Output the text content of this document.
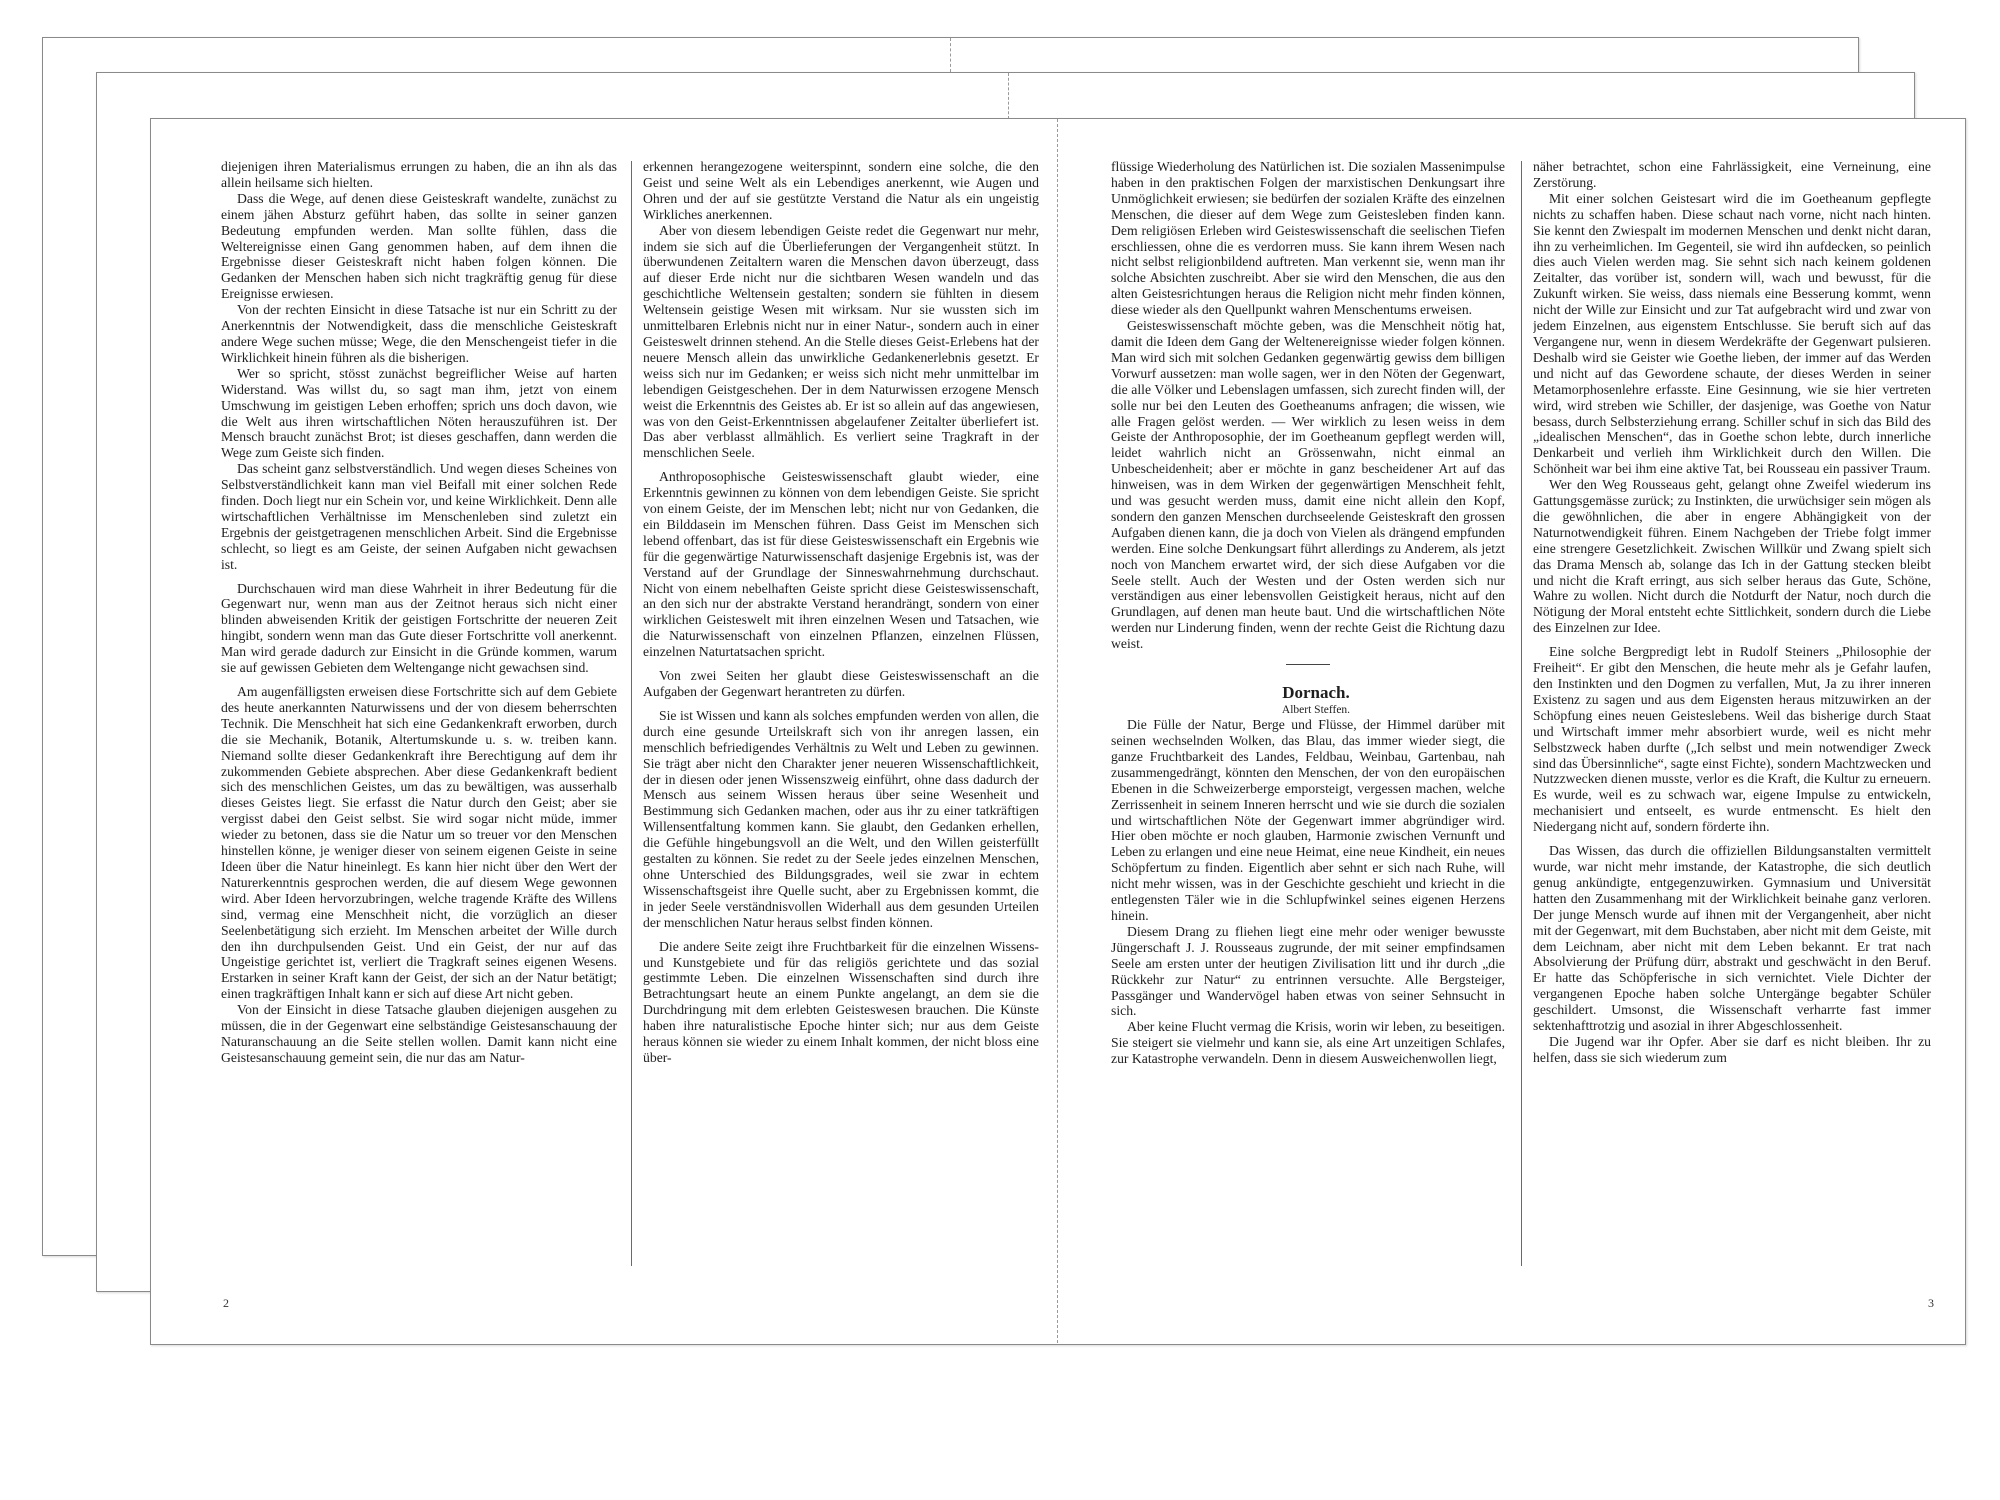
diejenigen ihren Materialismus errungen zu haben, die an ihn als das allein heilsame sich hielten.

Dass die Wege, auf denen diese Geisteskraft wandelte, zunächst zu einem jähen Absturz geführt haben, das sollte in seiner ganzen Bedeutung empfunden werden. Man sollte fühlen, dass die Weltereignisse einen Gang genommen haben, auf dem ihnen die Ergebnisse dieser Geisteskraft nicht haben folgen können. Die Gedanken der Menschen haben sich nicht tragkräftig genug für diese Ereignisse erwiesen.

Von der rechten Einsicht in diese Tatsache ist nur ein Schritt zu der Anerkenntnis der Notwendigkeit, dass die menschliche Geisteskraft andere Wege suchen müsse; Wege, die den Menschengeist tiefer in die Wirklichkeit hinein führen als die bisherigen.

Wer so spricht, stösst zunächst begreiflicher Weise auf harten Widerstand. Was willst du, so sagt man ihm, jetzt von einem Umschwung im geistigen Leben erhoffen; sprich uns doch davon, wie die Welt aus ihren wirtschaftlichen Nöten herauszuführen ist. Der Mensch braucht zunächst Brot; ist dieses geschaffen, dann werden die Wege zum Geiste sich finden.

Das scheint ganz selbstverständlich. Und wegen dieses Scheines von Selbstverständlichkeit kann man viel Beifall mit einer solchen Rede finden. Doch liegt nur ein Schein vor, und keine Wirklichkeit. Denn alle wirtschaftlichen Verhältnisse im Menschenleben sind zuletzt ein Ergebnis der geistgetragenen menschlichen Arbeit. Sind die Ergebnisse schlecht, so liegt es am Geiste, der seinen Aufgaben nicht gewachsen ist.

Durchschauen wird man diese Wahrheit in ihrer Bedeutung für die Gegenwart nur, wenn man aus der Zeitnot heraus sich nicht einer blinden abweisenden Kritik der geistigen Fortschritte der neueren Zeit hingibt, sondern wenn man das Gute dieser Fortschritte voll anerkennt. Man wird gerade dadurch zur Einsicht in die Gründe kommen, warum sie auf gewissen Gebieten dem Weltengange nicht gewachsen sind.

Am augenfälligsten erweisen diese Fortschritte sich auf dem Gebiete des heute anerkannten Naturwissens und der von diesem beherrschten Technik. Die Menschheit hat sich eine Gedankenkraft erworben, durch die sie Mechanik, Botanik, Altertumskunde u. s. w. treiben kann. Niemand sollte dieser Gedankenkraft ihre Berechtigung auf dem ihr zukommenden Gebiete absprechen. Aber diese Gedankenkraft bedient sich des menschlichen Geistes, um das zu bewältigen, was ausserhalb dieses Geistes liegt. Sie erfasst die Natur durch den Geist; aber sie vergisst dabei den Geist selbst. Sie wird sogar nicht müde, immer wieder zu betonen, dass sie die Natur um so treuer vor den Menschen hinstellen könne, je weniger dieser von seinem eigenen Geiste in seine Ideen über die Natur hineinlegt. Es kann hier nicht über den Wert der Naturerkenntnis gesprochen werden, die auf diesem Wege gewonnen wird. Aber Ideen hervorzubringen, welche tragende Kräfte des Willens sind, vermag eine Menschheit nicht, die vorzüglich an dieser Seelenbetätigung sich erzieht. Im Menschen arbeitet der Wille durch den ihn durchpulsenden Geist. Und ein Geist, der nur auf das Ungeistige gerichtet ist, verliert die Tragkraft seines eigenen Wesens. Erstarken in seiner Kraft kann der Geist, der sich an der Natur betätigt; einen tragkräftigen Inhalt kann er sich auf diese Art nicht geben.

Von der Einsicht in diese Tatsache glauben diejenigen ausgehen zu müssen, die in der Gegenwart eine selbständige Geistesanschauung der Naturanschauung an die Seite stellen wollen. Damit kann nicht eine Geistesanschauung gemeint sein, die nur das am Natur-

erkennen herangezogene weiterspinnt, sondern eine solche, die den Geist und seine Welt als ein Lebendiges anerkennt, wie Augen und Ohren und der auf sie gestützte Verstand die Natur als ein ungeistig Wirkliches anerkennen.

Aber von diesem lebendigen Geiste redet die Gegenwart nur mehr, indem sie sich auf die Überlieferungen der Vergangenheit stützt. In überwundenen Zeitaltern waren die Menschen davon überzeugt, dass auf dieser Erde nicht nur die sichtbaren Wesen wandeln und das geschichtliche Weltensein gestalten; sondern sie fühlten in diesem Weltensein geistige Wesen mit wirksam. Nur sie wussten sich im unmittelbaren Erlebnis nicht nur in einer Natur-, sondern auch in einer Geisteswelt drinnen stehend. An die Stelle dieses Geist-Erlebens hat der neuere Mensch allein das unwirkliche Gedankenerlebnis gesetzt. Er weiss sich nur im Gedanken; er weiss sich nicht mehr unmittelbar im lebendigen Geistgeschehen. Der in dem Naturwissen erzogene Mensch weist die Erkenntnis des Geistes ab. Er ist so allein auf das angewiesen, was von den Geist-Erkenntnissen abgelaufener Zeitalter überliefert ist. Das aber verblasst allmählich. Es verliert seine Tragkraft in der menschlichen Seele.

Anthroposophische Geisteswissenschaft glaubt wieder, eine Erkenntnis gewinnen zu können von dem lebendigen Geiste. Sie spricht von einem Geiste, der im Menschen lebt; nicht nur von Gedanken, die ein Bilddasein im Menschen führen. Dass Geist im Menschen sich lebend offenbart, das ist für diese Geisteswissenschaft ein Ergebnis wie für die gegenwärtige Naturwissenschaft dasjenige Ergebnis ist, was der Verstand auf der Grundlage der Sinneswahrnehmung durchschaut. Nicht von einem nebelhaften Geiste spricht diese Geisteswissenschaft, an den sich nur der abstrakte Verstand herandrängt, sondern von einer wirklichen Geisteswelt mit ihren einzelnen Wesen und Tatsachen, wie die Naturwissenschaft von einzelnen Pflanzen, einzelnen Flüssen, einzelnen Naturtatsachen spricht.

Von zwei Seiten her glaubt diese Geisteswissenschaft an die Aufgaben der Gegenwart herantreten zu dürfen.

Sie ist Wissen und kann als solches empfunden werden von allen, die durch eine gesunde Urteilskraft sich von ihr anregen lassen, ein menschlich befriedigendes Verhältnis zu Welt und Leben zu gewinnen. Sie trägt aber nicht den Charakter jener neueren Wissenschaftlichkeit, der in diesen oder jenen Wissenszweig einführt, ohne dass dadurch der Mensch aus seinem Wissen heraus über seine Wesenheit und Bestimmung sich Gedanken machen, oder aus ihr zu einer tatkräftigen Willensentfaltung kommen kann. Sie glaubt, den Gedanken erhellen, die Gefühle hingebungsvoll an die Welt, und den Willen geisterfüllt gestalten zu können. Sie redet zu der Seele jedes einzelnen Menschen, ohne Unterschied des Bildungsgrades, weil sie zwar in echtem Wissenschaftsgeist ihre Quelle sucht, aber zu Ergebnissen kommt, die in jeder Seele verständnisvollen Widerhall aus dem gesunden Urteilen der menschlichen Natur heraus selbst finden können.

Die andere Seite zeigt ihre Fruchtbarkeit für die einzelnen Wissens- und Kunstgebiete und für das religiös gerichtete und das sozial gestimmte Leben. Die einzelnen Wissenschaften sind durch ihre Betrachtungsart heute an einem Punkte angelangt, an dem sie die Durchdringung mit dem erlebten Geisteswesen brauchen. Die Künste haben ihre naturalistische Epoche hinter sich; nur aus dem Geiste heraus können sie wieder zu einem Inhalt kommen, der nicht bloss eine über-

2

flüssige Wiederholung des Natürlichen ist. Die sozialen Massenimpulse haben in den praktischen Folgen der marxistischen Denkungsart ihre Unmöglichkeit erwiesen; sie bedürfen der sozialen Kräfte des einzelnen Menschen, die dieser auf dem Wege zum Geistesleben finden kann. Dem religiösen Erleben wird Geisteswissenschaft die seelischen Tiefen erschliessen, ohne die es verdorren muss. Sie kann ihrem Wesen nach nicht selbst religionbildend auftreten. Man verkennt sie, wenn man ihr solche Absichten zuschreibt. Aber sie wird den Menschen, die aus den alten Geistesrichtungen heraus die Religion nicht mehr finden können, diese wieder als den Quellpunkt wahren Menschentums erweisen.

Geisteswissenschaft möchte geben, was die Menschheit nötig hat, damit die Ideen dem Gang der Weltenereignisse wieder folgen können. Man wird sich mit solchen Gedanken gegenwärtig gewiss dem billigen Vorwurf aussetzen: man wolle sagen, wer in den Nöten der Gegenwart, die alle Völker und Lebenslagen umfassen, sich zurecht finden will, der solle nur bei den Leuten des Goetheanums anfragen; die wissen, wie alle Fragen gelöst werden. — Wer wirklich zu lesen weiss in dem Geiste der Anthroposophie, der im Goetheanum gepflegt werden will, leidet wahrlich nicht an Grössenwahn, nicht einmal an Unbescheidenheit; aber er möchte in ganz bescheidener Art auf das hinweisen, was in dem Wirken der gegenwärtigen Menschheit fehlt, und was gesucht werden muss, damit eine nicht allein den Kopf, sondern den ganzen Menschen durchseelende Geisteskraft den grossen Aufgaben dienen kann, die ja doch von Vielen als drängend empfunden werden. Eine solche Denkungsart führt allerdings zu Anderem, als jetzt noch von Manchem erwartet wird, der sich diese Aufgaben vor die Seele stellt. Auch der Westen und der Osten werden sich nur verständigen aus einer lebensvollen Geistigkeit heraus, nicht auf den Grundlagen, auf denen man heute baut. Und die wirtschaftlichen Nöte werden nur Linderung finden, wenn der rechte Geist die Richtung dazu weist.

Dornach.

Albert Steffen.

Die Fülle der Natur, Berge und Flüsse, der Himmel darüber mit seinen wechselnden Wolken, das Blau, das immer wieder siegt, die ganze Fruchtbarkeit des Landes, Feldbau, Weinbau, Gartenbau, nah zusammengedrängt, könnten den Menschen, der von den europäischen Ebenen in die Schweizerberge emporsteigt, vergessen machen, welche Zerrissenheit in seinem Inneren herrscht und wie sie durch die sozialen und wirtschaftlichen Nöte der Gegenwart immer abgründiger wird. Hier oben möchte er noch glauben, Harmonie zwischen Vernunft und Leben zu erlangen und eine neue Heimat, eine neue Kindheit, ein neues Schöpfertum zu finden. Eigentlich aber sehnt er sich nach Ruhe, will nicht mehr wissen, was in der Geschichte geschieht und kriecht in die entlegensten Täler wie in die Schlupfwinkel seines eigenen Herzens hinein.

Diesem Drang zu fliehen liegt eine mehr oder weniger bewusste Jüngerschaft J. J. Rousseaus zugrunde, der mit seiner empfindsamen Seele am ersten unter der heutigen Zivilisation litt und ihr durch „die Rückkehr zur Natur“ zu entrinnen versuchte. Alle Bergsteiger, Passgänger und Wandervögel haben etwas von seiner Sehnsucht in sich.

Aber keine Flucht vermag die Krisis, worin wir leben, zu beseitigen. Sie steigert sie vielmehr und kann sie, als eine Art unzeitigen Schlafes, zur Katastrophe verwandeln. Denn in diesem Ausweichenwollen liegt,

näher betrachtet, schon eine Fahrlässigkeit, eine Verneinung, eine Zerstörung.

Mit einer solchen Geistesart wird die im Goetheanum gepflegte nichts zu schaffen haben. Diese schaut nach vorne, nicht nach hinten. Sie kennt den Zwiespalt im modernen Menschen und denkt nicht daran, ihn zu verheimlichen. Im Gegenteil, sie wird ihn aufdecken, so peinlich dies auch Vielen werden mag. Sie sehnt sich nach keinem goldenen Zeitalter, das vorüber ist, sondern will, wach und bewusst, für die Zukunft wirken. Sie weiss, dass niemals eine Besserung kommt, wenn nicht der Wille zur Einsicht und zur Tat aufgebracht wird und zwar von jedem Einzelnen, aus eigenstem Entschlusse. Sie beruft sich auf das Vergangene nur, wenn in diesem Werdekräfte der Gegenwart pulsieren. Deshalb wird sie Geister wie Goethe lieben, der immer auf das Werden und nicht auf das Gewordene schaute, der dieses Werden in seiner Metamorphosenlehre erfasste. Eine Gesinnung, wie sie hier vertreten wird, wird streben wie Schiller, der dasjenige, was Goethe von Natur besass, durch Selbsterziehung errang. Schiller schuf in sich das Bild des „idealischen Menschen“, das in Goethe schon lebte, durch innerliche Denkarbeit und verlieh ihm Wirklichkeit durch den Willen. Die Schönheit war bei ihm eine aktive Tat, bei Rousseau ein passiver Traum.

Wer den Weg Rousseaus geht, gelangt ohne Zweifel wiederum ins Gattungsgemässe zurück; zu Instinkten, die urwüchsiger sein mögen als die gewöhnlichen, die aber in engere Abhängigkeit von der Naturnotwendigkeit führen. Einem Nachgeben der Triebe folgt immer eine strengere Gesetzlichkeit. Zwischen Willkür und Zwang spielt sich das Drama Mensch ab, solange das Ich in der Gattung stecken bleibt und nicht die Kraft erringt, aus sich selber heraus das Gute, Schöne, Wahre zu wollen. Nicht durch die Notdurft der Natur, noch durch die Nötigung der Moral entsteht echte Sittlichkeit, sondern durch die Liebe des Einzelnen zur Idee.

Eine solche Bergpredigt lebt in Rudolf Steiners „Philosophie der Freiheit“. Er gibt den Menschen, die heute mehr als je Gefahr laufen, den Instinkten und den Dogmen zu verfallen, Mut, Ja zu ihrer inneren Existenz zu sagen und aus dem Eigensten heraus mitzuwirken an der Schöpfung eines neuen Geisteslebens. Weil das bisherige durch Staat und Wirtschaft immer mehr absorbiert wurde, weil es nicht mehr Selbstzweck haben durfte („Ich selbst und mein notwendiger Zweck sind das Übersinnliche“, sagte einst Fichte), sondern Machtzwecken und Nutzzwecken dienen musste, verlor es die Kraft, die Kultur zu erneuern. Es wurde, weil es zu schwach war, eigene Impulse zu entwickeln, mechanisiert und entseelt, es wurde entmenscht. Es hielt den Niedergang nicht auf, sondern förderte ihn.

Das Wissen, das durch die offiziellen Bildungsanstalten vermittelt wurde, war nicht mehr imstande, der Katastrophe, die sich deutlich genug ankündigte, entgegenzuwirken. Gymnasium und Universität hatten den Zusammenhang mit der Wirklichkeit beinahe ganz verloren. Der junge Mensch wurde auf ihnen mit der Vergangenheit, aber nicht mit der Gegenwart, mit dem Buchstaben, aber nicht mit dem Geiste, mit dem Leichnam, aber nicht mit dem Leben bekannt. Er trat nach Absolvierung der Prüfung dürr, abstrakt und geschwächt in den Beruf. Er hatte das Schöpferische in sich vernichtet. Viele Dichter der vergangenen Epoche haben solche Untergänge begabter Schüler geschildert. Umsonst, die Wissenschaft verharrte fast immer sektenhafttrotzig und asozial in ihrer Abgeschlossenheit.

Die Jugend war ihr Opfer. Aber sie darf es nicht bleiben. Ihr zu helfen, dass sie sich wiederum zum

3
